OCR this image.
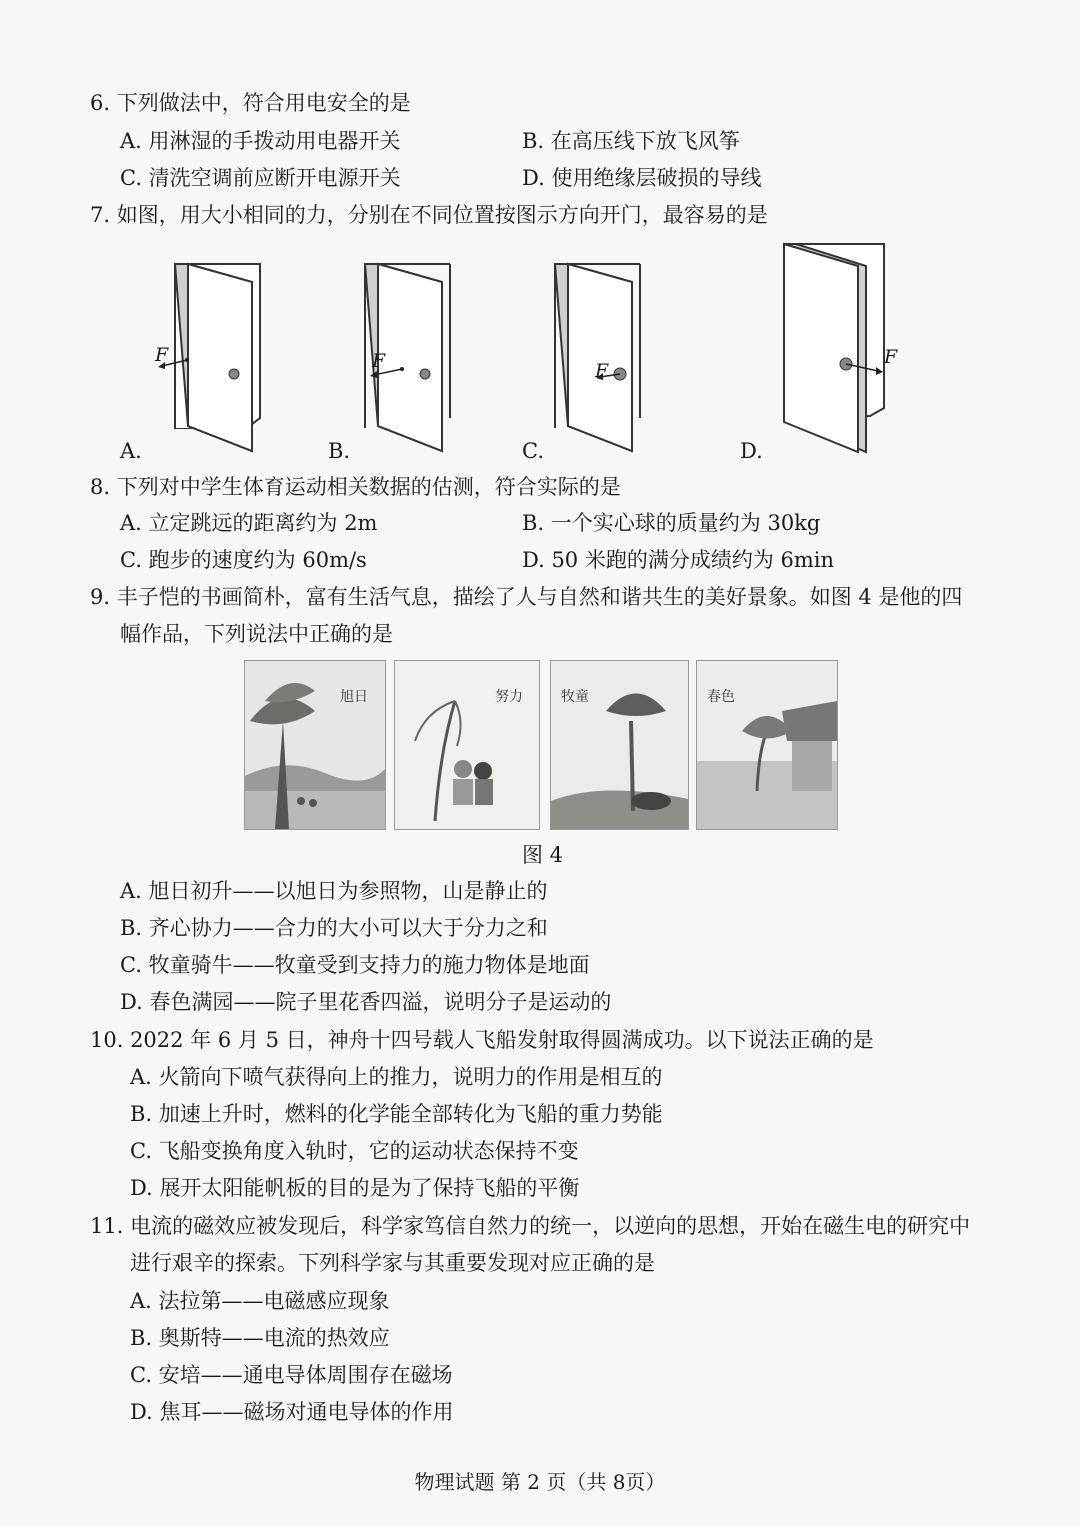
6. 下列做法中，符合用电安全的是
A. 用淋湿的手拨动用电器开关	B. 在高压线下放飞风筝
C. 清洗空调前应断开电源开关	D. 使用绝缘层破损的导线
7. 如图，用大小相同的力，分别在不同位置按图示方向开门，最容易的是
F	F	F
F
A.	B.	C.	D.
8. 下列对中学生体育运动相关数据的估测，符合实际的是
A. 立定跳远的距离约为 2m	B. 一个实心球的质量约为 30kg
C. 跑步的速度约为 60m/s	D. 50 米跑的满分成绩约为 6min
9. 丰子恺的书画简朴，富有生活气息，描绘了人与自然和谐共生的美好景象。如图 4 是他的四
幅作品，下列说法中正确的是
旭日	努力	牧童	春色
图 4
A. 旭日初升——以旭日为参照物，山是静止的
B. 齐心协力——合力的大小可以大于分力之和
C. 牧童骑牛——牧童受到支持力的施力物体是地面
D. 春色满园——院子里花香四溢，说明分子是运动的
10. 2022 年 6 月 5 日，神舟十四号载人飞船发射取得圆满成功。以下说法正确的是
A. 火箭向下喷气获得向上的推力，说明力的作用是相互的
B. 加速上升时，燃料的化学能全部转化为飞船的重力势能
C. 飞船变换角度入轨时，它的运动状态保持不变
D. 展开太阳能帆板的目的是为了保持飞船的平衡
11. 电流的磁效应被发现后，科学家笃信自然力的统一，以逆向的思想，开始在磁生电的研究中
进行艰辛的探索。下列科学家与其重要发现对应正确的是
A. 法拉第——电磁感应现象
B. 奥斯特——电流的热效应
C. 安培——通电导体周围存在磁场
D. 焦耳——磁场对通电导体的作用
物理试题 第 2 页（共 8页）
